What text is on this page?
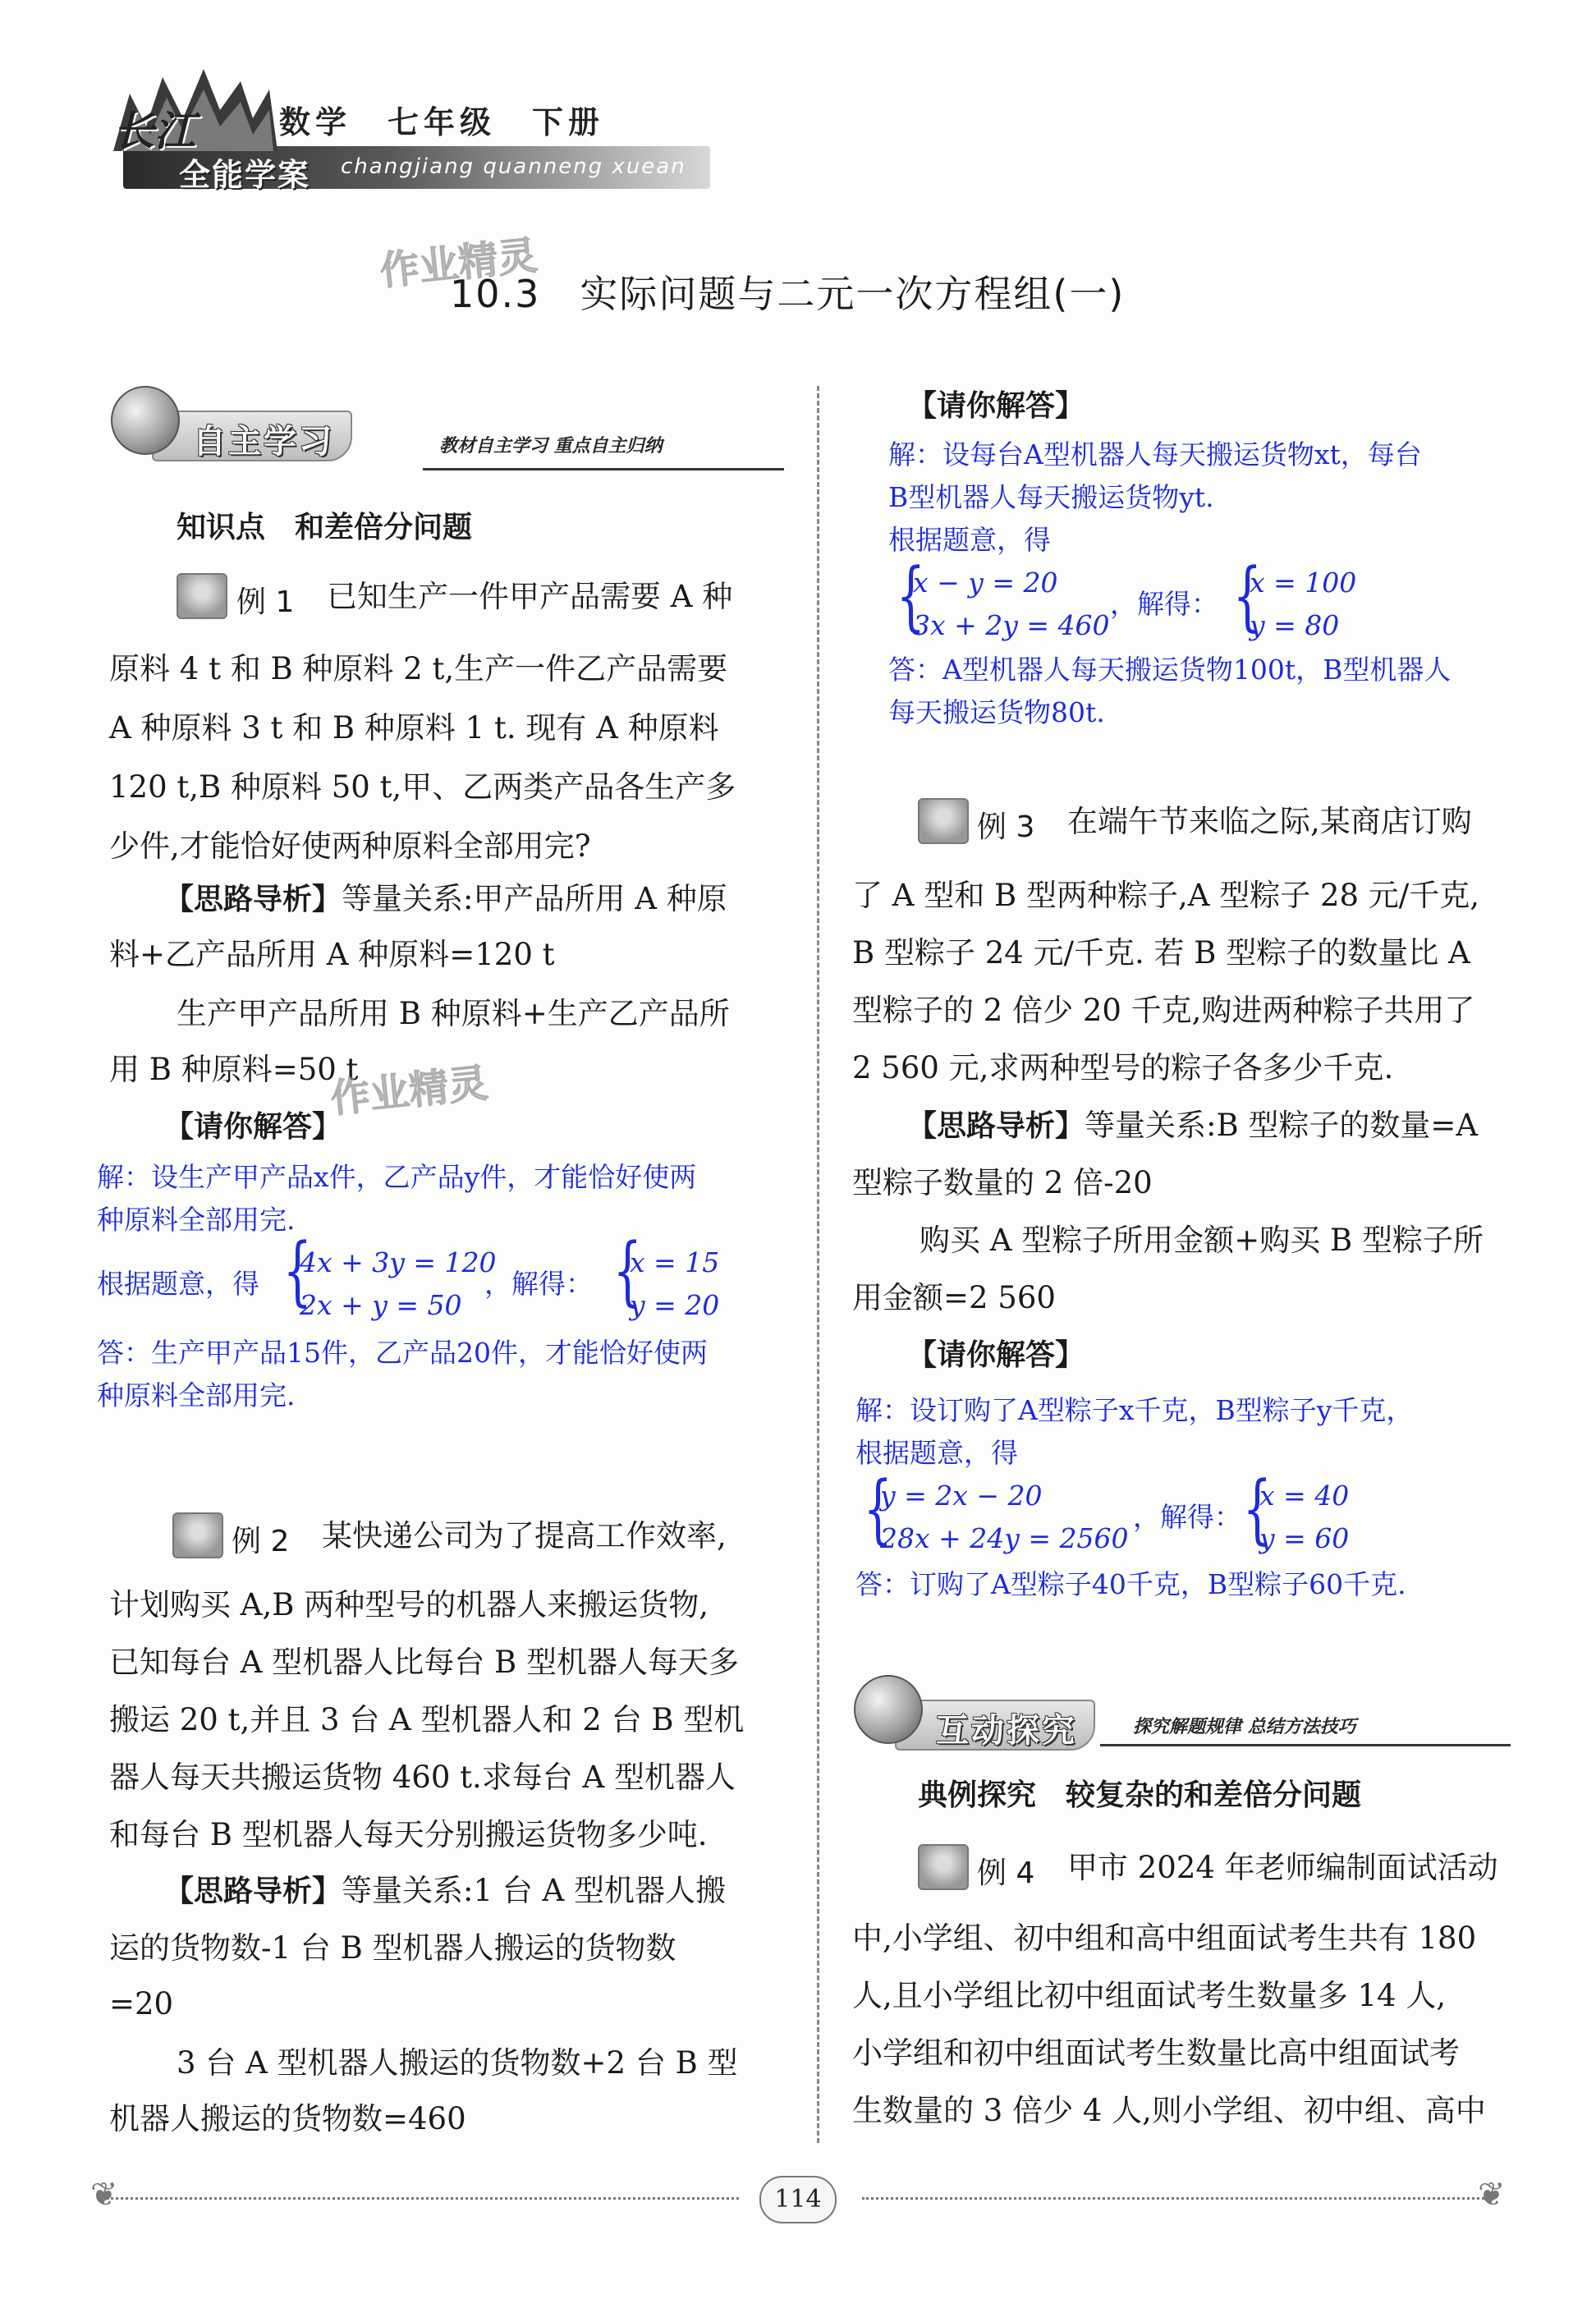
长江
全能学案
数学　七年级　下册
changjiang quanneng xuean
作业精灵
10.3　实际问题与二元一次方程组(一)
自主学习	教材自主学习 重点自主归纳
知识点　和差倍分问题
例 1 已知生产一件甲产品需要 A 种
原料 4 t 和 B 种原料 2 t,生产一件乙产品需要
A 种原料 3 t 和 B 种原料 1 t. 现有 A 种原料
120 t,B 种原料 50 t,甲、乙两类产品各生产多
少件,才能恰好使两种原料全部用完?
【思路导析】等量关系:甲产品所用 A 种原
料+乙产品所用 A 种原料=120 t
生产甲产品所用 B 种原料+生产乙产品所
用 B 种原料=50 t
作业精灵
【请你解答】
解：设生产甲产品x件，乙产品y件，才能恰好使两
种原料全部用完.
根据题意，得 {
4x + 3y = 120
2x + y = 50
，解得： {
x = 15
y = 20
答：生产甲产品15件，乙产品20件，才能恰好使两
种原料全部用完.
例 2 某快递公司为了提高工作效率,
计划购买 A,B 两种型号的机器人来搬运货物,
已知每台 A 型机器人比每台 B 型机器人每天多
搬运 20 t,并且 3 台 A 型机器人和 2 台 B 型机
器人每天共搬运货物 460 t.求每台 A 型机器人
和每台 B 型机器人每天分别搬运货物多少吨.
【思路导析】等量关系:1 台 A 型机器人搬
运的货物数-1 台 B 型机器人搬运的货物数
=20
3 台 A 型机器人搬运的货物数+2 台 B 型
机器人搬运的货物数=460
【请你解答】
解：设每台A型机器人每天搬运货物xt，每台
B型机器人每天搬运货物yt.
根据题意，得
{
x − y = 20
3x + 2y = 460
，解得： {
x = 100
y = 80
答：A型机器人每天搬运货物100t，B型机器人
每天搬运货物80t.
例 3 在端午节来临之际,某商店订购
了 A 型和 B 型两种粽子,A 型粽子 28 元/千克,
B 型粽子 24 元/千克. 若 B 型粽子的数量比 A
型粽子的 2 倍少 20 千克,购进两种粽子共用了
2 560 元,求两种型号的粽子各多少千克.
【思路导析】等量关系:B 型粽子的数量=A
型粽子数量的 2 倍-20
购买 A 型粽子所用金额+购买 B 型粽子所
用金额=2 560
【请你解答】
解：设订购了A型粽子x千克，B型粽子y千克，
根据题意，得
{
y = 2x − 20
28x + 24y = 2560
，解得： {
x = 40
y = 60
答：订购了A型粽子40千克，B型粽子60千克.
互动探究	探究解题规律 总结方法技巧
典例探究　较复杂的和差倍分问题
例 4 甲市 2024 年老师编制面试活动
中,小学组、初中组和高中组面试考生共有 180
人,且小学组比初中组面试考生数量多 14 人,
小学组和初中组面试考生数量比高中组面试考
生数量的 3 倍少 4 人,则小学组、初中组、高中
❦	114	❦
